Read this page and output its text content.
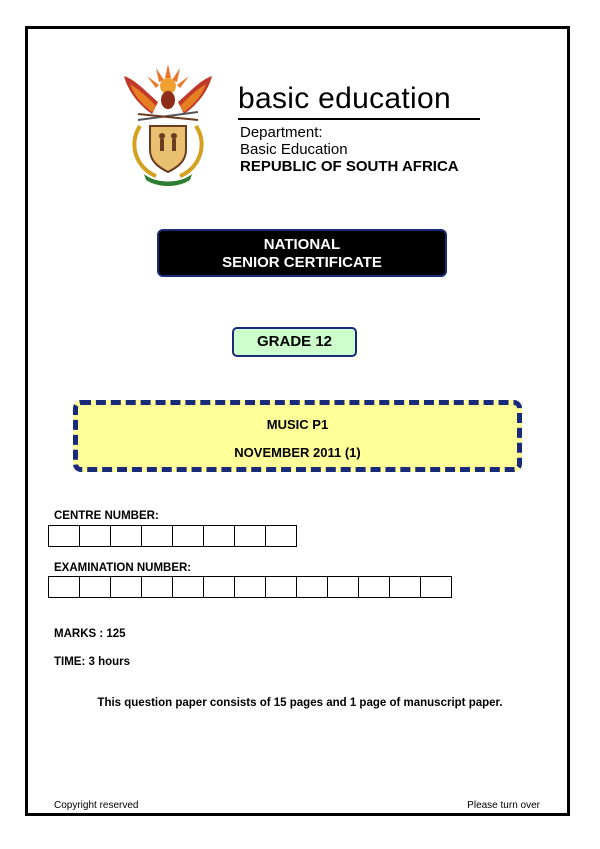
basic education
Department:
Basic Education
REPUBLIC OF SOUTH AFRICA
NATIONAL
SENIOR CERTIFICATE
GRADE 12
MUSIC P1
NOVEMBER 2011 (1)
CENTRE NUMBER:
EXAMINATION NUMBER:
MARKS : 125
TIME: 3 hours
This question paper consists of 15 pages and 1 page of manuscript paper.
Copyright reserved	Please turn over
